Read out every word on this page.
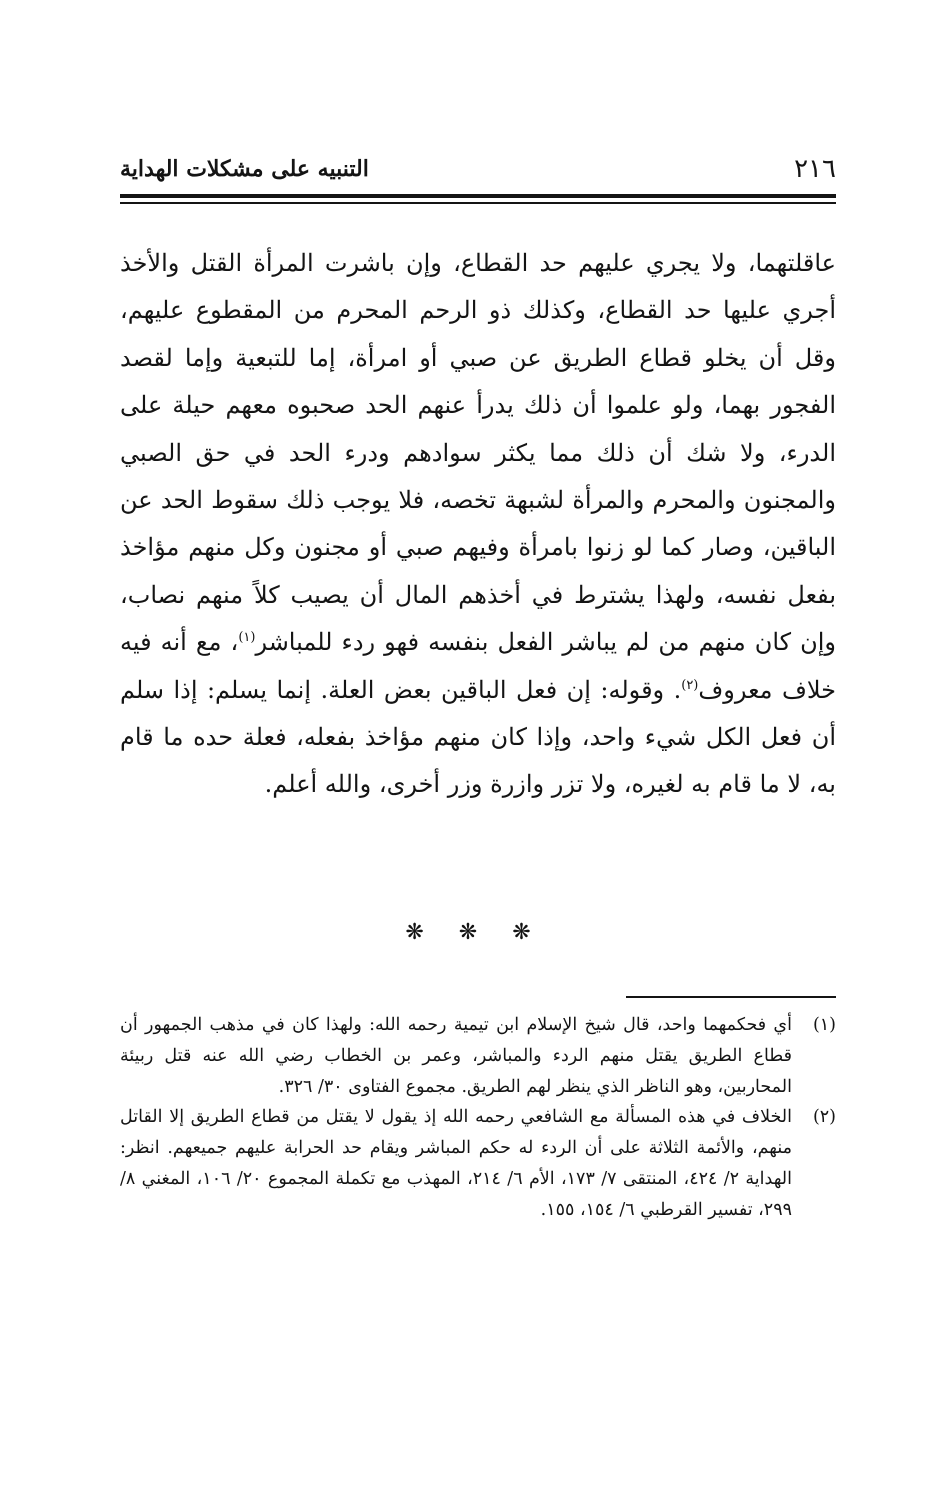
٢١٦
التنبيه على مشكلات الهداية

عاقلتهما، ولا يجري عليهم حد القطاع، وإن باشرت المرأة القتل والأخذ أجري عليها حد القطاع، وكذلك ذو الرحم المحرم من المقطوع عليهم، وقل أن يخلو قطاع الطريق عن صبي أو امرأة، إما للتبعية وإما لقصد الفجور بهما، ولو علموا أن ذلك يدرأ عنهم الحد صحبوه معهم حيلة على الدرء، ولا شك أن ذلك مما يكثر سوادهم ودرء الحد في حق الصبي والمجنون والمحرم والمرأة لشبهة تخصه، فلا يوجب ذلك سقوط الحد عن الباقين، وصار كما لو زنوا بامرأة وفيهم صبي أو مجنون وكل منهم مؤاخذ بفعل نفسه، ولهذا يشترط في أخذهم المال أن يصيب كلاً منهم نصاب، وإن كان منهم من لم يباشر الفعل بنفسه فهو ردء للمباشر$^{(١)}$، مع أنه فيه خلاف معروف$^{(٢)}$. وقوله: إن فعل الباقين بعض العلة. إنما يسلم: إذا سلم أن فعل الكل شيء واحد، وإذا كان منهم مؤاخذ بفعله، فعلة حده ما قام به، لا ما قام به لغيره، ولا تزر وازرة وزر أخرى، والله أعلم.

❋ ❋ ❋
(١)

أي فحكمهما واحد، قال شيخ الإسلام ابن تيمية رحمه الله: ولهذا كان في مذهب الجمهور أن قطاع الطريق يقتل منهم الردء والمباشر، وعمر بن الخطاب رضي الله عنه قتل ربيئة المحاربين، وهو الناظر الذي ينظر لهم الطريق. مجموع الفتاوى ٣٠/ ٣٢٦.

(٢)

الخلاف في هذه المسألة مع الشافعي رحمه الله إذ يقول لا يقتل من قطاع الطريق إلا القاتل منهم، والأئمة الثلاثة على أن الردء له حكم المباشر ويقام حد الحرابة عليهم جميعهم. انظر: الهداية ٢/ ٤٢٤، المنتقى ٧/ ١٧٣، الأم ٦/ ٢١٤، المهذب مع تكملة المجموع ٢٠/ ١٠٦، المغني ٨/ ٢٩٩، تفسير القرطبي ٦/ ١٥٤، ١٥٥.
